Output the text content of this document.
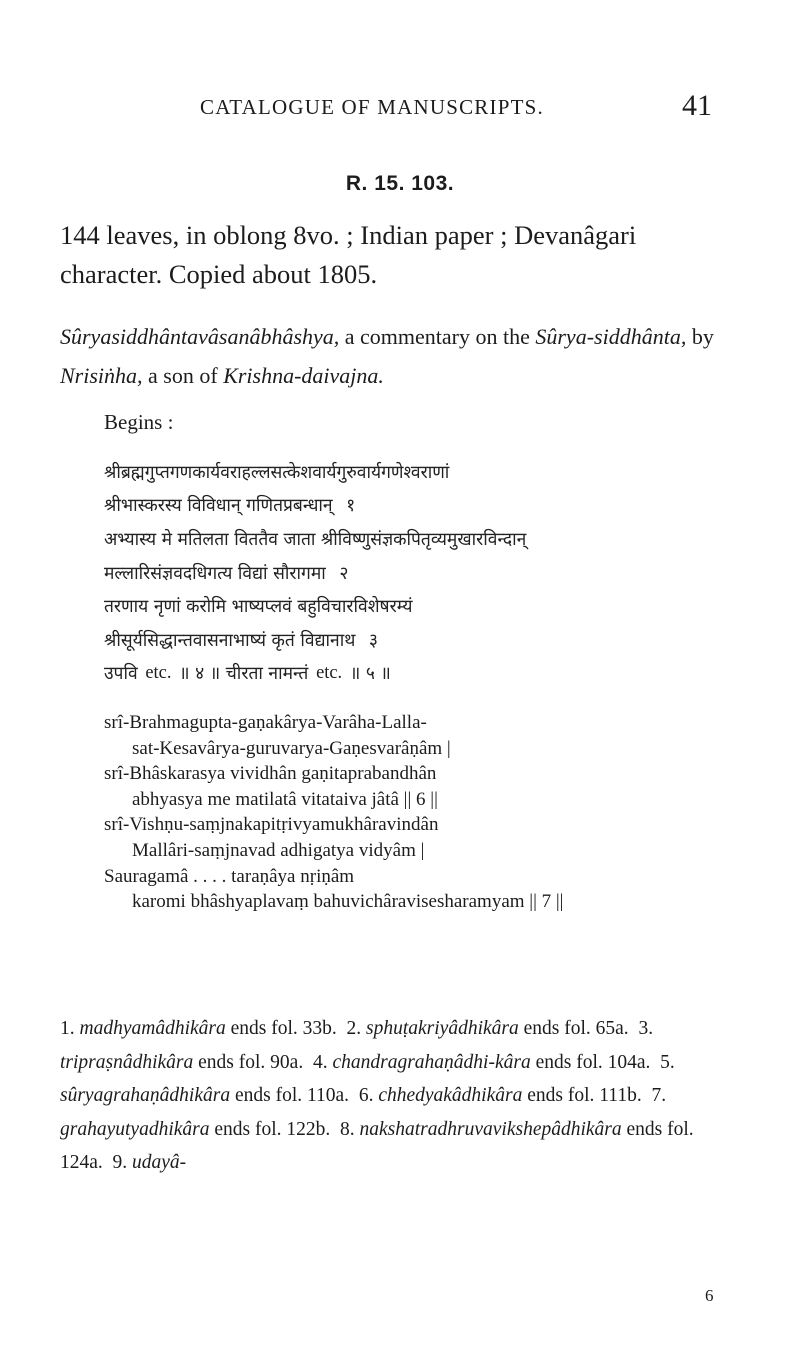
CATALOGUE OF MANUSCRIPTS.	41
R. 15. 103.

144 leaves, in oblong 8vo. ; Indian paper ; Devanâgari character. Copied about 1805.

Sûryasiddhântavâsanâbhâshya, a commentary on the Sûrya-siddhânta, by Nrisiṅha, a son of Krishna-daivajna.

Begins :
श्रीब्रह्मगुप्तगणकार्यवराहल्लसत्केशवार्यगुरुवार्यगणेश्वराणां
श्रीभास्करस्य विविधान् गणितप्रबन्धान् १
अभ्यास्य मे मतिलता विततैव जाता श्रीविष्णुसंज्ञकपितृव्यमुखारविन्दान्
मल्लारिसंज्ञवदधिगत्य विद्यां सौरागमा २
तरणाय नृणां करोमि भाष्यप्लवं बहुविचारविशेषरम्यं
श्रीसूर्यसिद्धान्तवासनाभाष्यं कृतं विद्यानाथ ३
उपवि etc. ॥ ४ ॥ चीरता नामन्तं etc. ॥ ५ ॥
srî-Brahmagupta-gaṇakârya-Varâha-Lalla-
sat-Kesavârya-guruvarya-Gaṇesvarâṇâm |
srî-Bhâskarasya vividhân gaṇitaprabandhân
abhyasya me matilatâ vitataiva jâtâ || 6 ||
srî-Vishṇu-saṃjnakapitṛivyamukhâravindân
Mallâri-saṃjnavad adhigatya vidyâm |
Sauragamâ . . . . taraṇâya nṛiṇâm
karomi bhâshyaplavaṃ bahuvichâravisesharamyam || 7 ||

1. madhyamâdhikâra ends fol. 33b. 2. sphuṭakriyâdhikâra ends fol. 65a. 3. tripraṣnâdhikâra ends fol. 90a. 4. chandragrahaṇâdhi-kâra ends fol. 104a. 5. sûryagrahaṇâdhikâra ends fol. 110a. 6. chhedyakâdhikâra ends fol. 111b. 7. grahayutyadhikâra ends fol. 122b. 8. nakshatradhruvavikshepâdhikâra ends fol. 124a. 9. udayâ-

6
